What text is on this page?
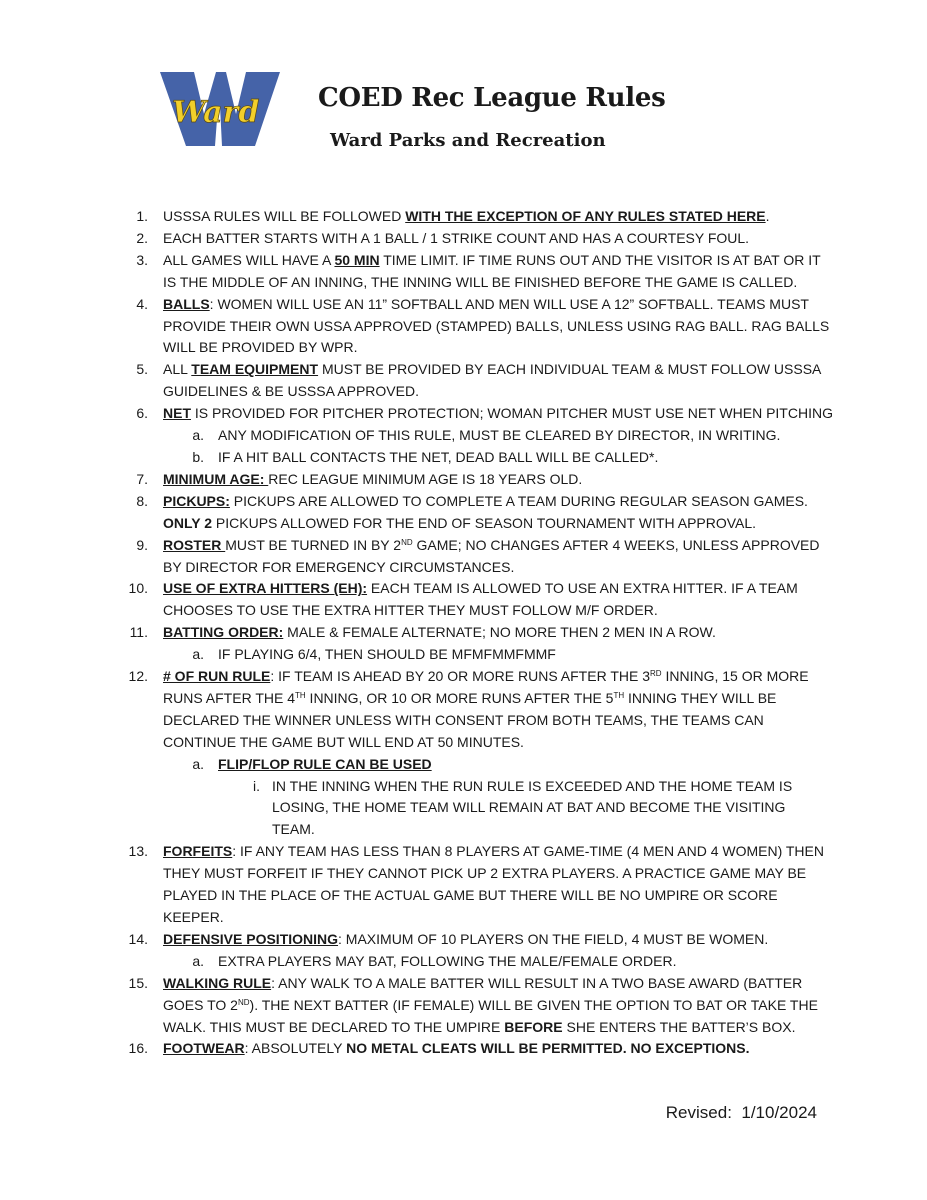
Ward COED Rec League Rules
Ward Parks and Recreation
1. USSSA RULES WILL BE FOLLOWED WITH THE EXCEPTION OF ANY RULES STATED HERE.
2. EACH BATTER STARTS WITH A 1 BALL / 1 STRIKE COUNT AND HAS A COURTESY FOUL.
3. ALL GAMES WILL HAVE A 50 MIN TIME LIMIT. IF TIME RUNS OUT AND THE VISITOR IS AT BAT OR IT
IS THE MIDDLE OF AN INNING, THE INNING WILL BE FINISHED BEFORE THE GAME IS CALLED.
4. BALLS: WOMEN WILL USE AN 11” SOFTBALL AND MEN WILL USE A 12” SOFTBALL. TEAMS MUST
PROVIDE THEIR OWN USSA APPROVED (STAMPED) BALLS, UNLESS USING RAG BALL. RAG BALLS
WILL BE PROVIDED BY WPR.
5. ALL TEAM EQUIPMENT MUST BE PROVIDED BY EACH INDIVIDUAL TEAM & MUST FOLLOW USSSA
GUIDELINES & BE USSSA APPROVED.
6. NET IS PROVIDED FOR PITCHER PROTECTION; WOMAN PITCHER MUST USE NET WHEN PITCHING
a. ANY MODIFICATION OF THIS RULE, MUST BE CLEARED BY DIRECTOR, IN WRITING.
b. IF A HIT BALL CONTACTS THE NET, DEAD BALL WILL BE CALLED*.
7. MINIMUM AGE: REC LEAGUE MINIMUM AGE IS 18 YEARS OLD.
8. PICKUPS: PICKUPS ARE ALLOWED TO COMPLETE A TEAM DURING REGULAR SEASON GAMES.
ONLY 2 PICKUPS ALLOWED FOR THE END OF SEASON TOURNAMENT WITH APPROVAL.
9. ROSTER MUST BE TURNED IN BY 2ND GAME; NO CHANGES AFTER 4 WEEKS, UNLESS APPROVED
BY DIRECTOR FOR EMERGENCY CIRCUMSTANCES.
10. USE OF EXTRA HITTERS (EH): EACH TEAM IS ALLOWED TO USE AN EXTRA HITTER. IF A TEAM
CHOOSES TO USE THE EXTRA HITTER THEY MUST FOLLOW M/F ORDER.
11. BATTING ORDER: MALE & FEMALE ALTERNATE; NO MORE THEN 2 MEN IN A ROW.
a. IF PLAYING 6/4, THEN SHOULD BE MFMFMMFMMF
12. # OF RUN RULE: IF TEAM IS AHEAD BY 20 OR MORE RUNS AFTER THE 3RD INNING, 15 OR MORE
RUNS AFTER THE 4TH INNING, OR 10 OR MORE RUNS AFTER THE 5TH INNING THEY WILL BE
DECLARED THE WINNER UNLESS WITH CONSENT FROM BOTH TEAMS, THE TEAMS CAN
CONTINUE THE GAME BUT WILL END AT 50 MINUTES.
a. FLIP/FLOP RULE CAN BE USED
i. IN THE INNING WHEN THE RUN RULE IS EXCEEDED AND THE HOME TEAM IS
LOSING, THE HOME TEAM WILL REMAIN AT BAT AND BECOME THE VISITING
TEAM.
13. FORFEITS: IF ANY TEAM HAS LESS THAN 8 PLAYERS AT GAME-TIME (4 MEN AND 4 WOMEN) THEN
THEY MUST FORFEIT IF THEY CANNOT PICK UP 2 EXTRA PLAYERS. A PRACTICE GAME MAY BE
PLAYED IN THE PLACE OF THE ACTUAL GAME BUT THERE WILL BE NO UMPIRE OR SCORE
KEEPER.
14. DEFENSIVE POSITIONING: MAXIMUM OF 10 PLAYERS ON THE FIELD, 4 MUST BE WOMEN.
a. EXTRA PLAYERS MAY BAT, FOLLOWING THE MALE/FEMALE ORDER.
15. WALKING RULE: ANY WALK TO A MALE BATTER WILL RESULT IN A TWO BASE AWARD (BATTER
GOES TO 2ND). THE NEXT BATTER (IF FEMALE) WILL BE GIVEN THE OPTION TO BAT OR TAKE THE
WALK. THIS MUST BE DECLARED TO THE UMPIRE BEFORE SHE ENTERS THE BATTER’S BOX.
16. FOOTWEAR: ABSOLUTELY NO METAL CLEATS WILL BE PERMITTED. NO EXCEPTIONS.
Revised:  1/10/2024
